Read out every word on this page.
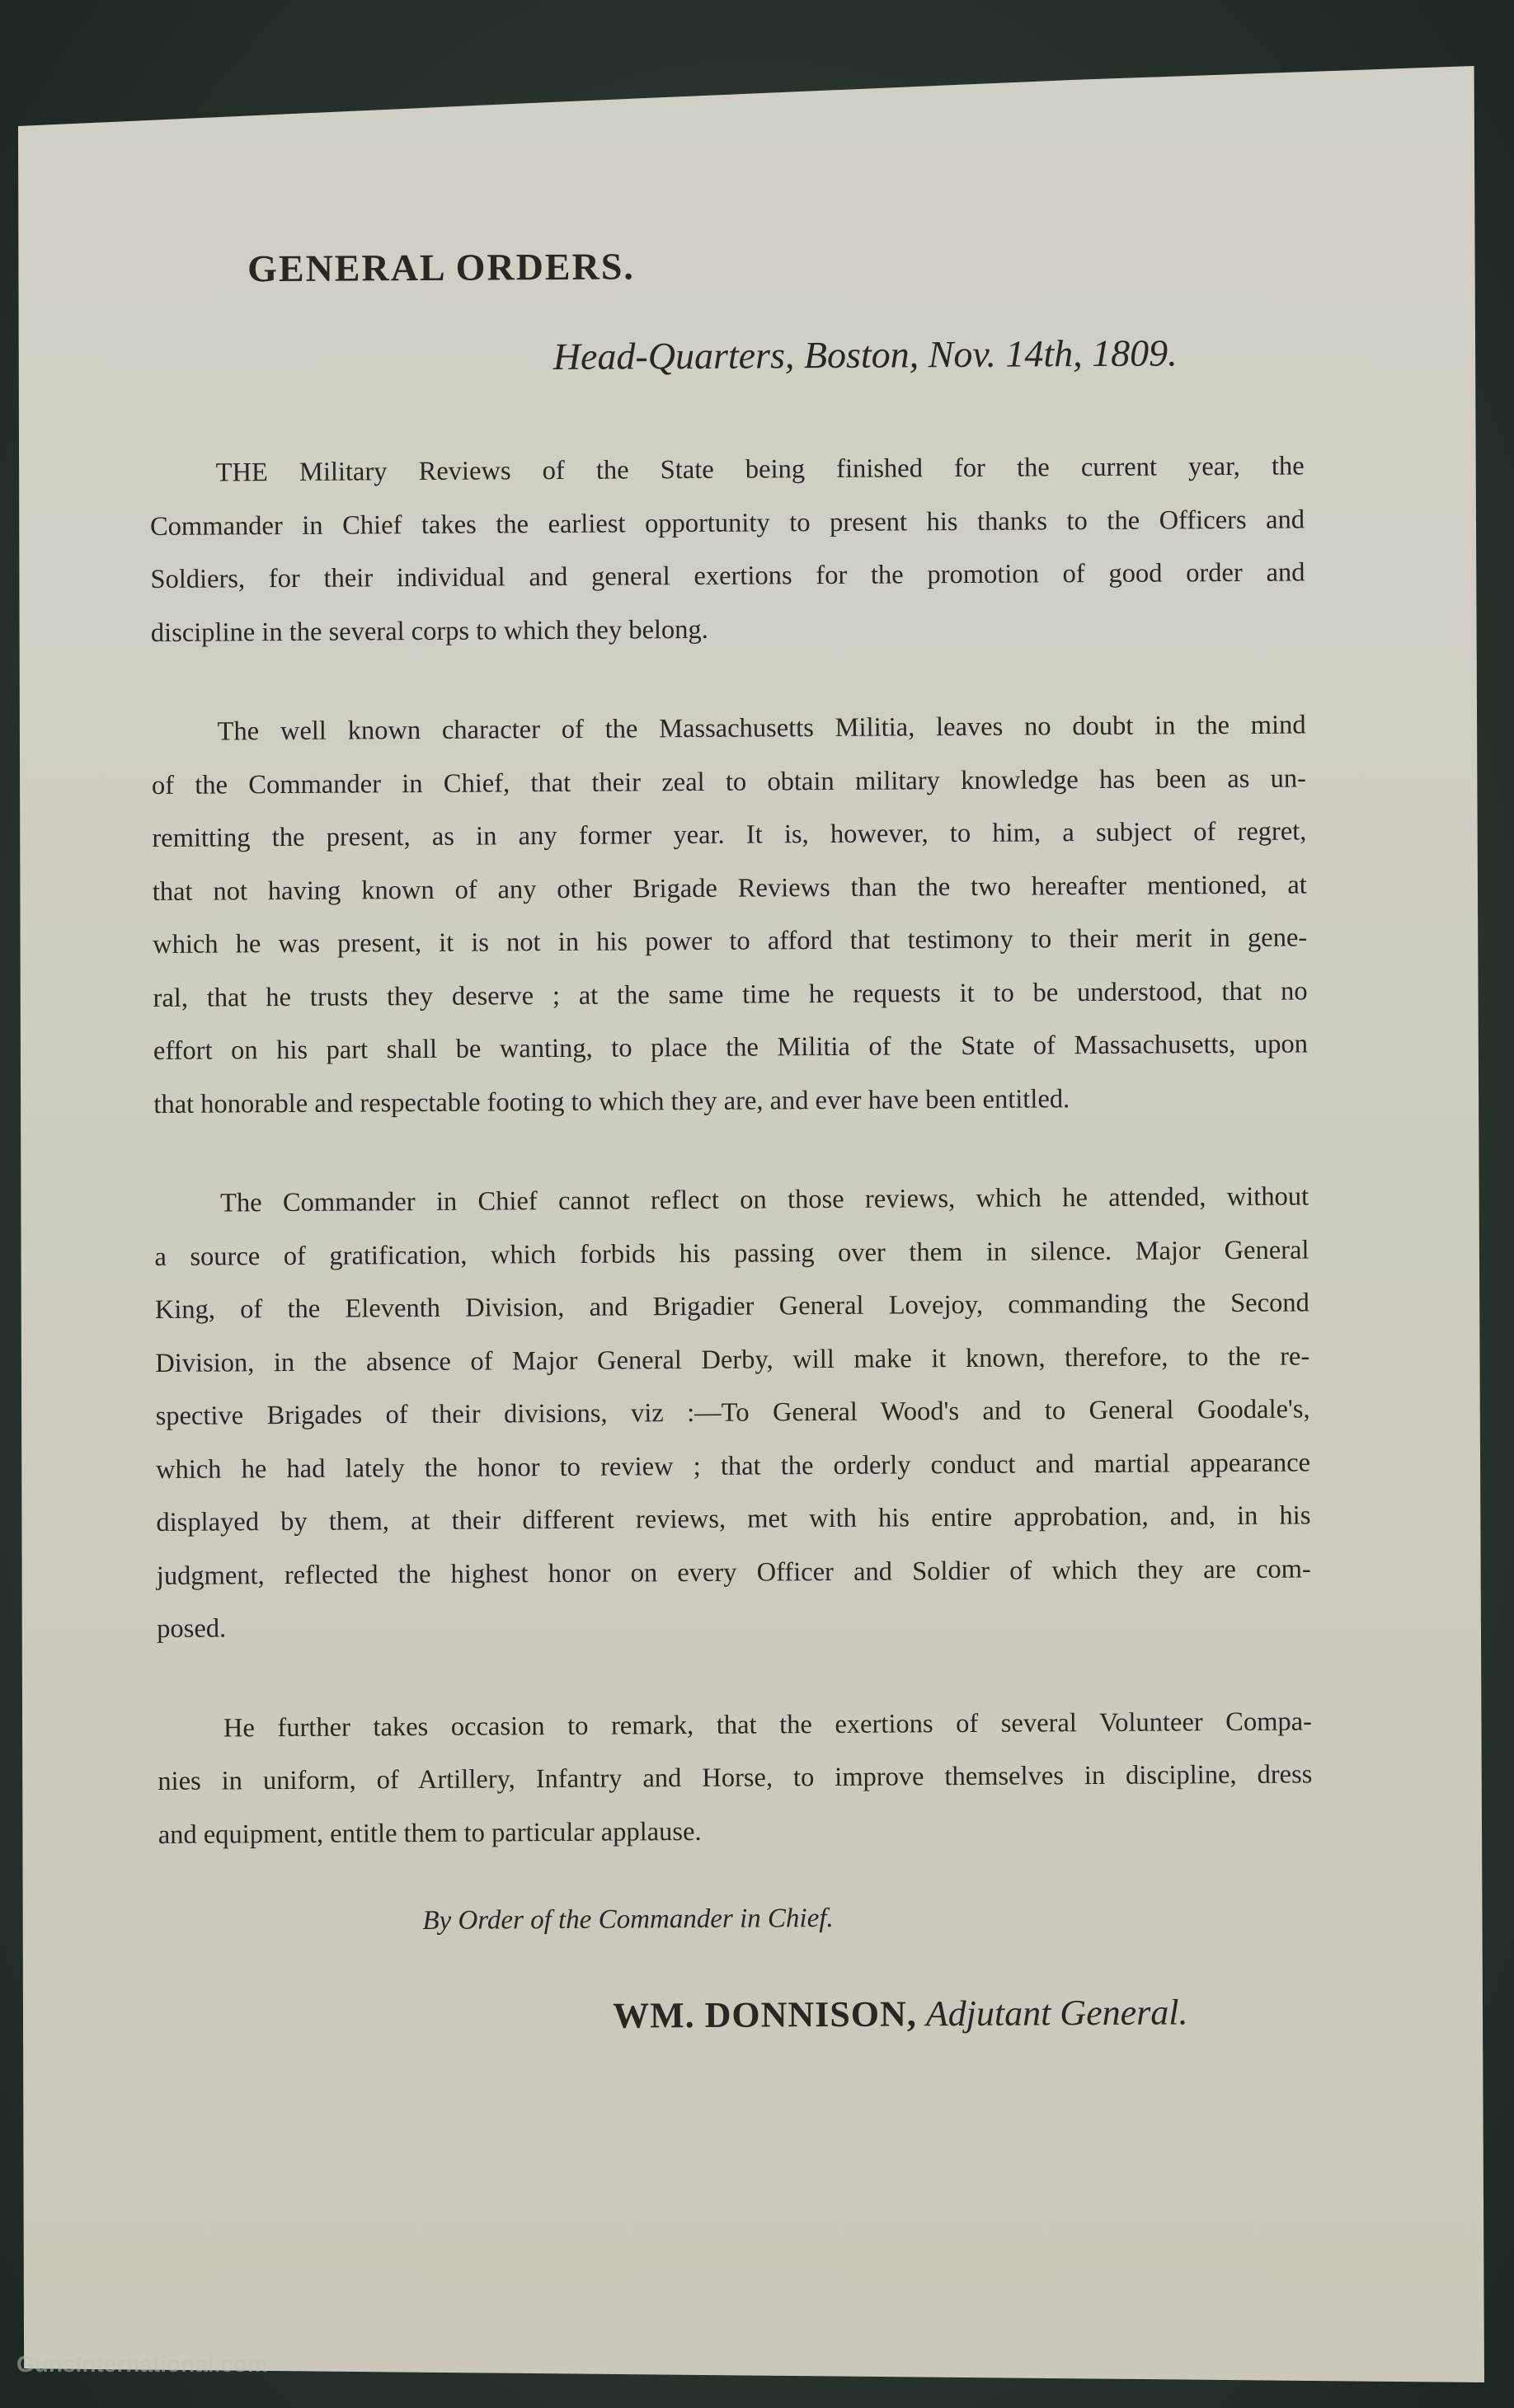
GENERAL ORDERS.
Head-Quarters, Boston, Nov. 14th, 1809.
THE Military Reviews of the State being finished for the current year, the
Commander in Chief takes the earliest opportunity to present his thanks to the Officers and
Soldiers, for their individual and general exertions for the promotion of good order and
discipline in the several corps to which they belong.
The well known character of the Massachusetts Militia, leaves no doubt in the mind
of the Commander in Chief, that their zeal to obtain military knowledge has been as un-
remitting the present, as in any former year. It is, however, to him, a subject of regret,
that not having known of any other Brigade Reviews than the two hereafter mentioned, at
which he was present, it is not in his power to afford that testimony to their merit in gene-
ral, that he trusts they deserve ; at the same time he requests it to be understood, that no
effort on his part shall be wanting, to place the Militia of the State of Massachusetts, upon
that honorable and respectable footing to which they are, and ever have been entitled.
The Commander in Chief cannot reflect on those reviews, which he attended, without
a source of gratification, which forbids his passing over them in silence. Major General
King, of the Eleventh Division, and Brigadier General Lovejoy, commanding the Second
Division, in the absence of Major General Derby, will make it known, therefore, to the re-
spective Brigades of their divisions, viz :—To General Wood's and to General Goodale's,
which he had lately the honor to review ; that the orderly conduct and martial appearance
displayed by them, at their different reviews, met with his entire approbation, and, in his
judgment, reflected the highest honor on every Officer and Soldier of which they are com-
posed.
He further takes occasion to remark, that the exertions of several Volunteer Compa-
nies in uniform, of Artillery, Infantry and Horse, to improve themselves in discipline, dress
and equipment, entitle them to particular applause.
By Order of the Commander in Chief.
WM. DONNISON, Adjutant General.
GunsInternational.com
